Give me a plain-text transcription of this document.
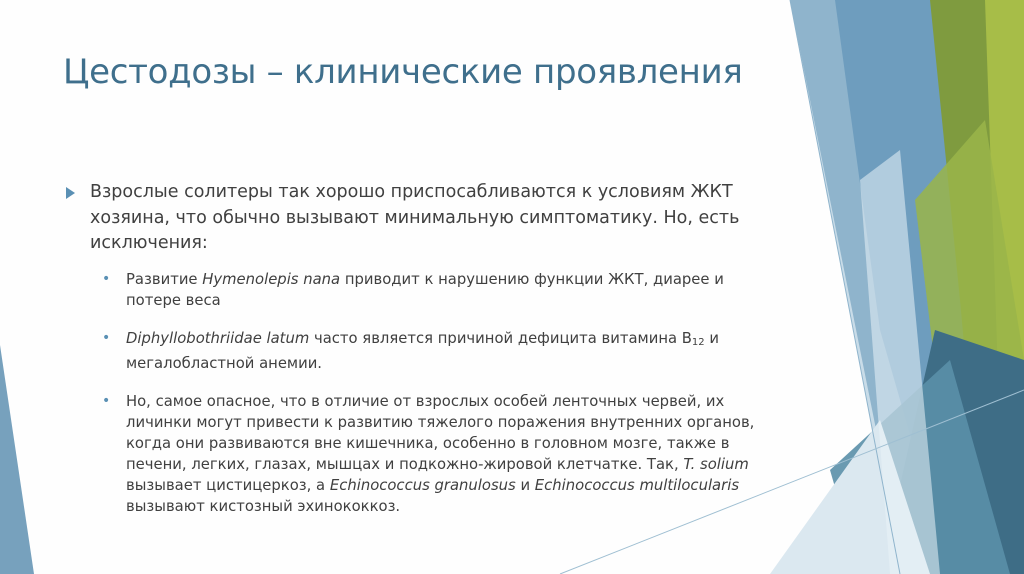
Цестодозы – клинические проявления
Взрослые солитеры так хорошо приспосабливаются к условиям ЖКТ хозяина, что обычно вызывают минимальную симптоматику. Но, есть исключения:
• Развитие Hymenolepis nana приводит к нарушению функции ЖКТ, диарее и потере веса
• Diphyllobothriidae latum часто является причиной дефицита витамина $B_{12}$ и мегалобластной анемии.
• Но, самое опасное, что в отличие от взрослых особей ленточных червей, их личинки могут привести к развитию тяжелого поражения внутренних органов, когда они развиваются вне кишечника, особенно в головном мозге, также в печени, легких, глазах, мышцах и подкожно-жировой клетчатке. Так, T. solium вызывает цистицеркоз, а Echinococcus granulosus и Echinococcus multilocularis вызывают кистозный эхинококкоз.
